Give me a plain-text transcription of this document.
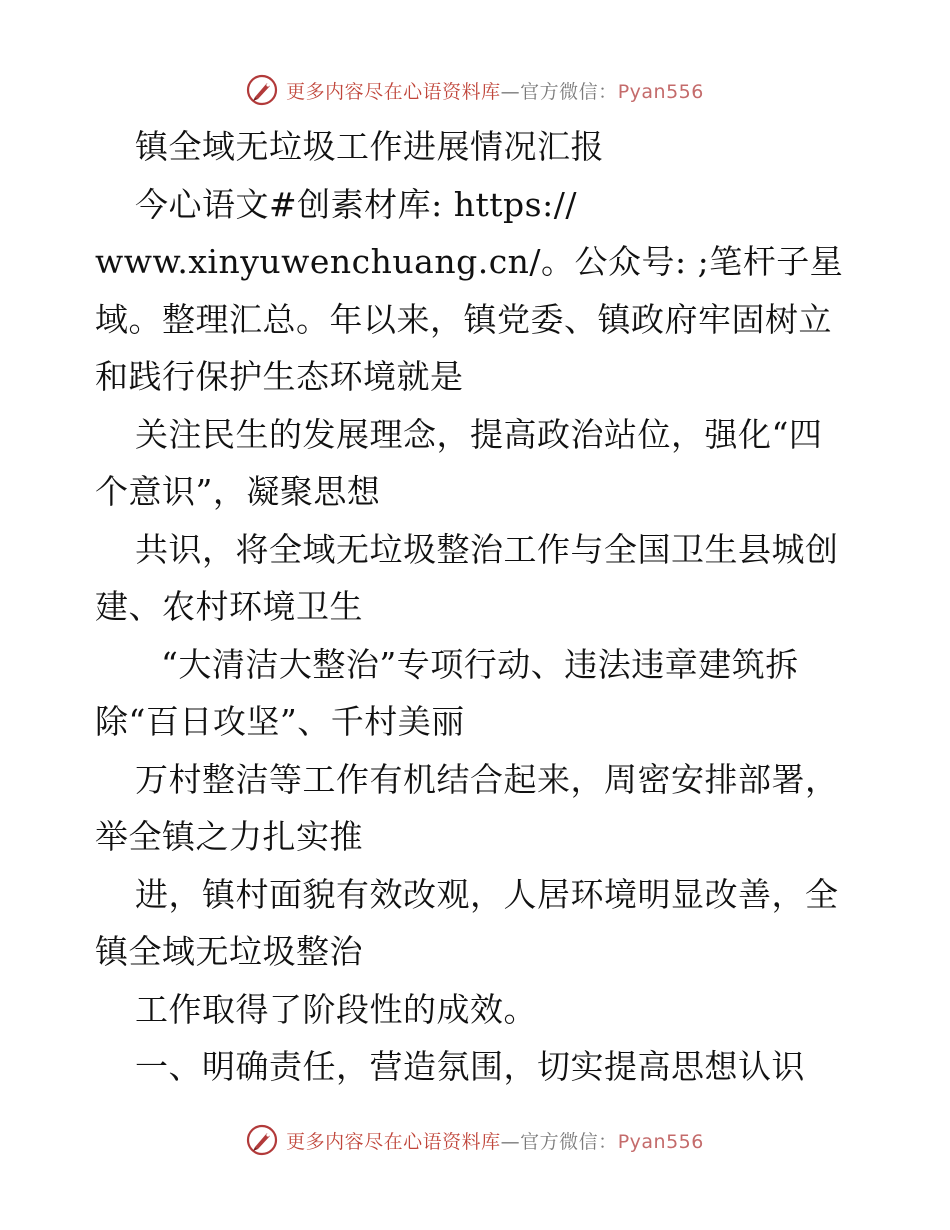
更多内容尽在心语资料库—官方微信：Pyan556
镇全域无垃圾工作进展情况汇报
今心语文#创素材库: https://
www.xinyuwenchuang.cn/。公众号: ;笔杆子星
域。整理汇总。年以来，镇党委、镇政府牢固树立
和践行保护生态环境就是
关注民生的发展理念，提高政治站位，强化“四
个意识”，凝聚思想
共识，将全域无垃圾整治工作与全国卫生县城创
建、农村环境卫生
“大清洁大整治”专项行动、违法违章建筑拆
除“百日攻坚”、千村美丽
万村整洁等工作有机结合起来，周密安排部署，
举全镇之力扎实推
进，镇村面貌有效改观，人居环境明显改善，全
镇全域无垃圾整治
工作取得了阶段性的成效。
一、明确责任，营造氛围，切实提高思想认识
更多内容尽在心语资料库—官方微信：Pyan556
